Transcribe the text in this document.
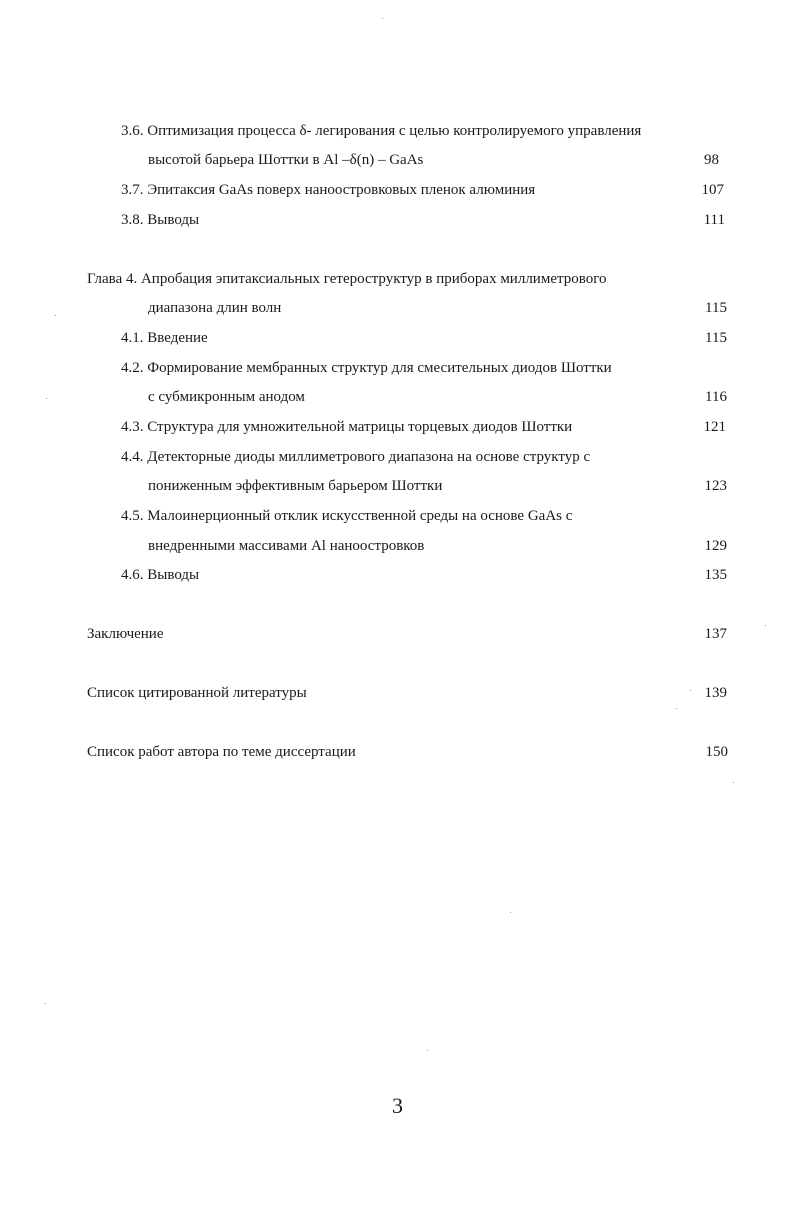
3.6. Оптимизация процесса δ- легирования с целью контролируемого управления
высотой барьера Шоттки в Al –δ(n) – GaAs	98
3.7. Эпитаксия GaAs поверх наноостровковых пленок алюминия	107
3.8. Выводы	111
Глава 4. Апробация эпитаксиальных гетероструктур в приборах миллиметрового
диапазона длин волн	115
4.1. Введение	115
4.2. Формирование мембранных структур для смесительных диодов Шоттки
с субмикронным анодом	116
4.3. Структура для умножительной матрицы торцевых диодов Шоттки	121
4.4. Детекторные диоды миллиметрового диапазона на основе структур с
пониженным эффективным барьером Шоттки	123
4.5. Малоинерционный отклик искусственной среды на основе GaAs с
внедренными массивами Al наноостровков	129
4.6. Выводы	135
Заключение	137
Список цитированной литературы	139
Список работ автора по теме диссертации	150
3
